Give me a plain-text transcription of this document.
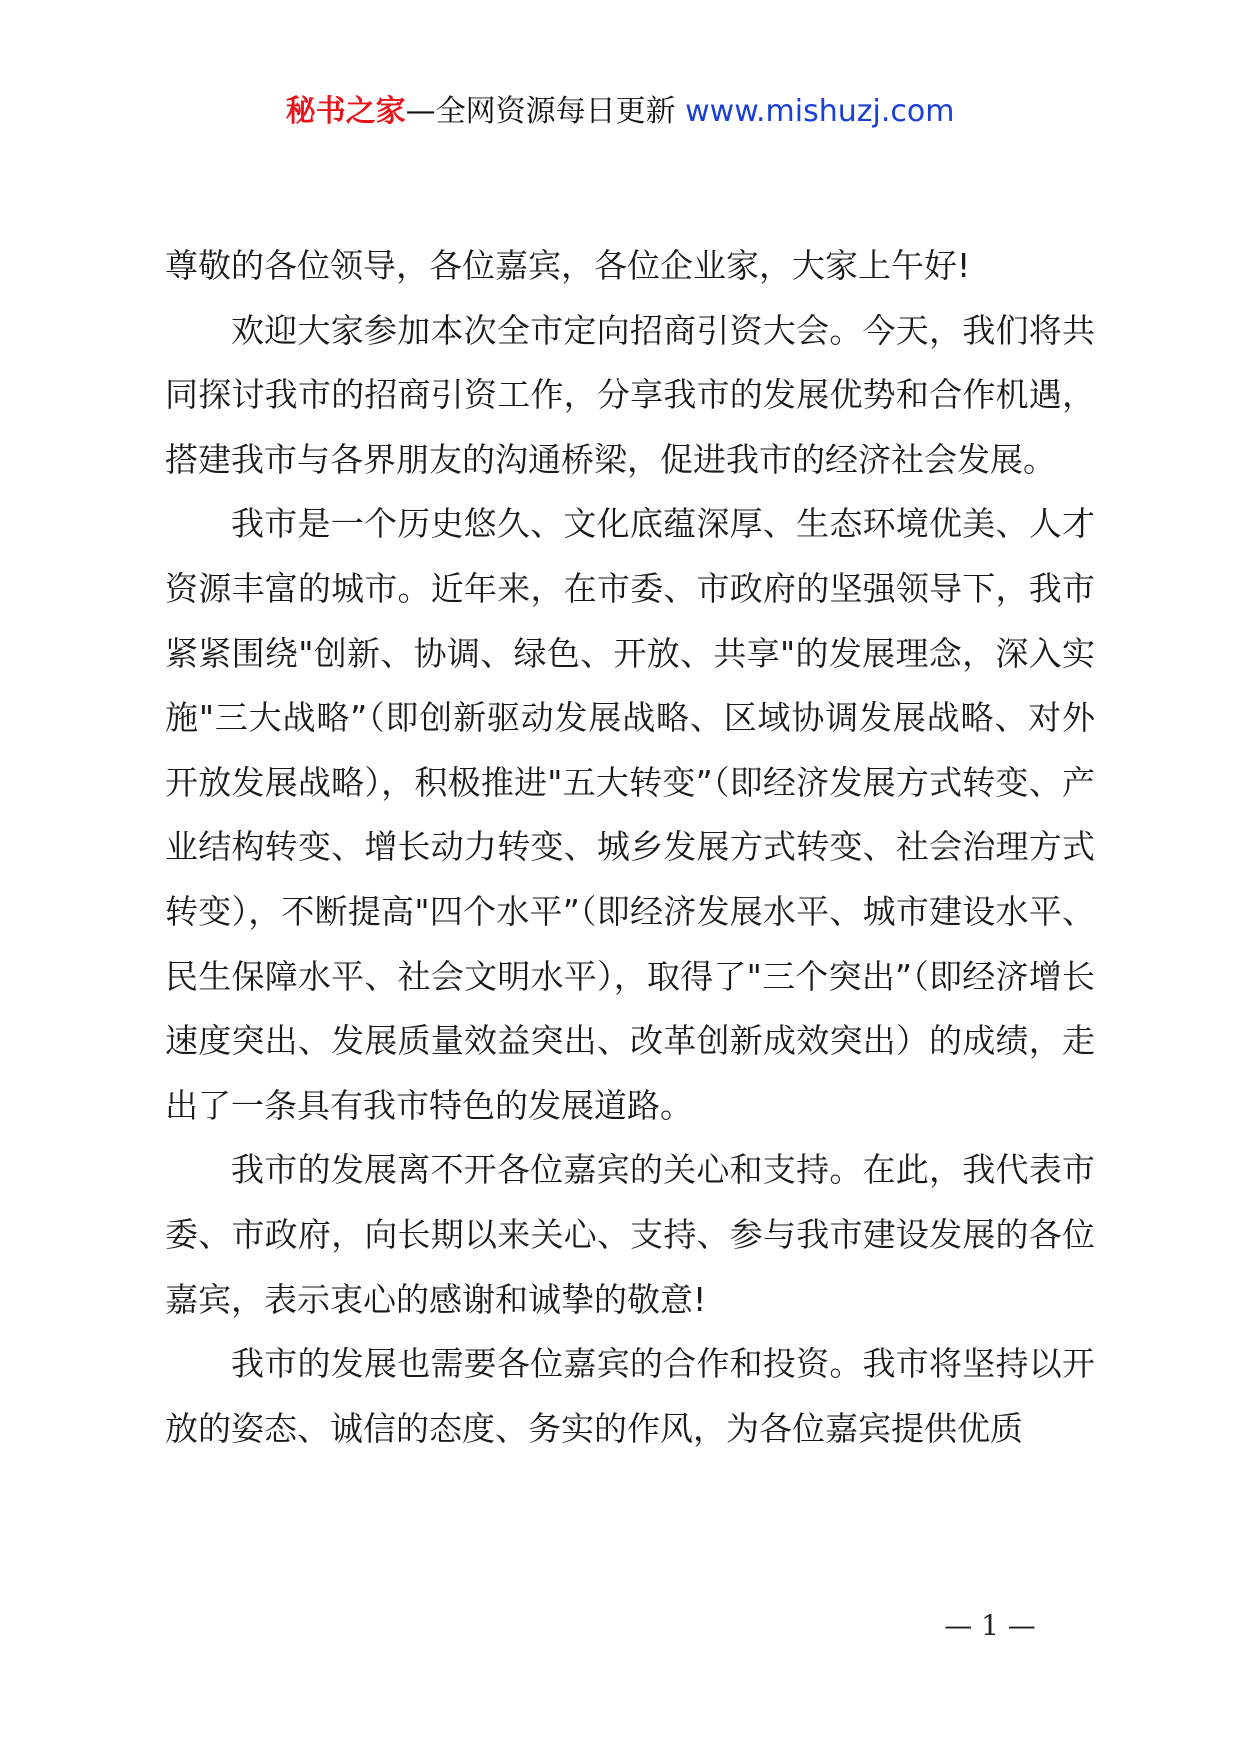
秘书之家—全网资源每日更新 www.mishuzj.com

尊敬的各位领导，各位嘉宾，各位企业家，大家上午好!

欢迎大家参加本次全市定向招商引资大会。今天，我们将共同探讨我市的招商引资工作，分享我市的发展优势和合作机遇，搭建我市与各界朋友的沟通桥梁，促进我市的经济社会发展。

我市是一个历史悠久、文化底蕴深厚、生态环境优美、人才资源丰富的城市。近年来，在市委、市政府的坚强领导下，我市紧紧围绕"创新、协调、绿色、开放、共享"的发展理念，深入实施"三大战略”（即创新驱动发展战略、区域协调发展战略、对外开放发展战略），积极推进"五大转变”（即经济发展方式转变、产业结构转变、增长动力转变、城乡发展方式转变、社会治理方式转变），不断提高"四个水平”（即经济发展水平、城市建设水平、民生保障水平、社会文明水平），取得了"三个突出”（即经济增长速度突出、发展质量效益突出、改革创新成效突出）的成绩，走出了一条具有我市特色的发展道路。

我市的发展离不开各位嘉宾的关心和支持。在此，我代表市委、市政府，向长期以来关心、支持、参与我市建设发展的各位嘉宾，表示衷心的感谢和诚挚的敬意!

我市的发展也需要各位嘉宾的合作和投资。我市将坚持以开放的姿态、诚信的态度、务实的作风，为各位嘉宾提供优质

— 1 —
